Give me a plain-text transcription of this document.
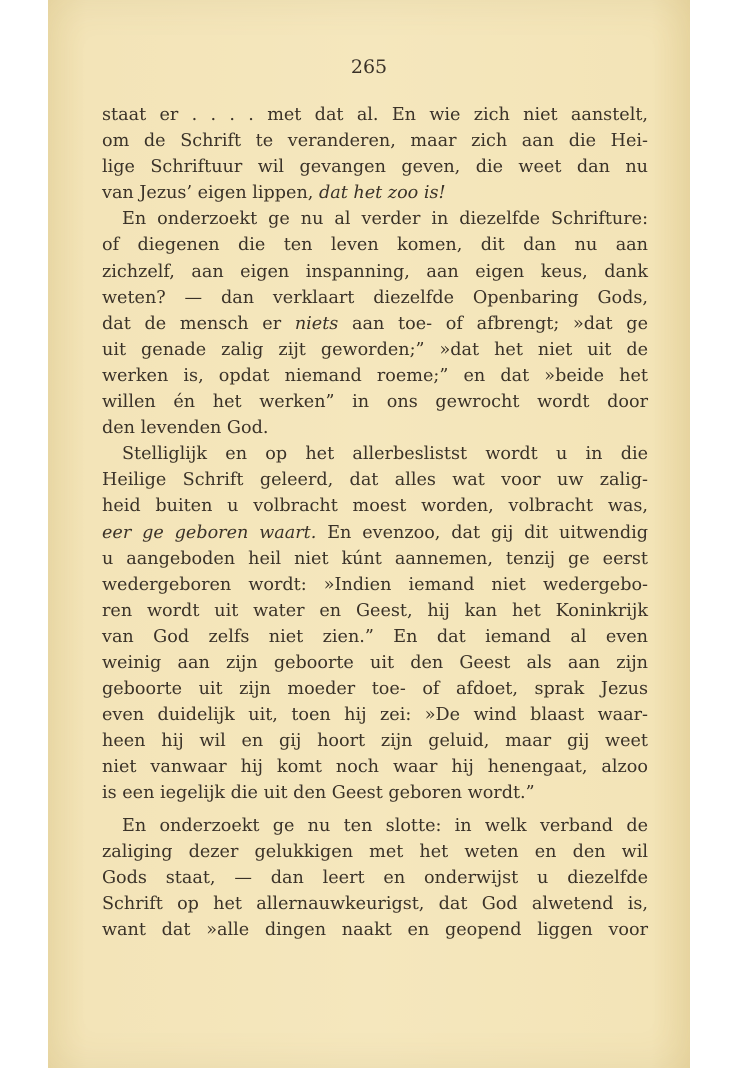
265
staat er . . . . met dat al. En wie zich niet aanstelt,
om de Schrift te veranderen, maar zich aan die Hei-
lige Schriftuur wil gevangen geven, die weet dan nu
van Jezus’ eigen lippen, dat het zoo is!
En onderzoekt ge nu al verder in diezelfde Schrifture:
of diegenen die ten leven komen, dit dan nu aan
zichzelf, aan eigen inspanning, aan eigen keus, dank
weten? — dan verklaart diezelfde Openbaring Gods,
dat de mensch er niets aan toe- of afbrengt; »dat ge
uit genade zalig zijt geworden;” »dat het niet uit de
werken is, opdat niemand roeme;” en dat »beide het
willen én het werken” in ons gewrocht wordt door
den levenden God.
Stelliglijk en op het allerbeslistst wordt u in die
Heilige Schrift geleerd, dat alles wat voor uw zalig-
heid buiten u volbracht moest worden, volbracht was,
eer ge geboren waart. En evenzoo, dat gij dit uitwendig
u aangeboden heil niet kúnt aannemen, tenzij ge eerst
wedergeboren wordt: »Indien iemand niet wedergebo-
ren wordt uit water en Geest, hij kan het Koninkrijk
van God zelfs niet zien.” En dat iemand al even
weinig aan zijn geboorte uit den Geest als aan zijn
geboorte uit zijn moeder toe- of afdoet, sprak Jezus
even duidelijk uit, toen hij zei: »De wind blaast waar-
heen hij wil en gij hoort zijn geluid, maar gij weet
niet vanwaar hij komt noch waar hij henengaat, alzoo
is een iegelijk die uit den Geest geboren wordt.”
En onderzoekt ge nu ten slotte: in welk verband de
zaliging dezer gelukkigen met het weten en den wil
Gods staat, — dan leert en onderwijst u diezelfde
Schrift op het allernauwkeurigst, dat God alwetend is,
want dat »alle dingen naakt en geopend liggen voor
